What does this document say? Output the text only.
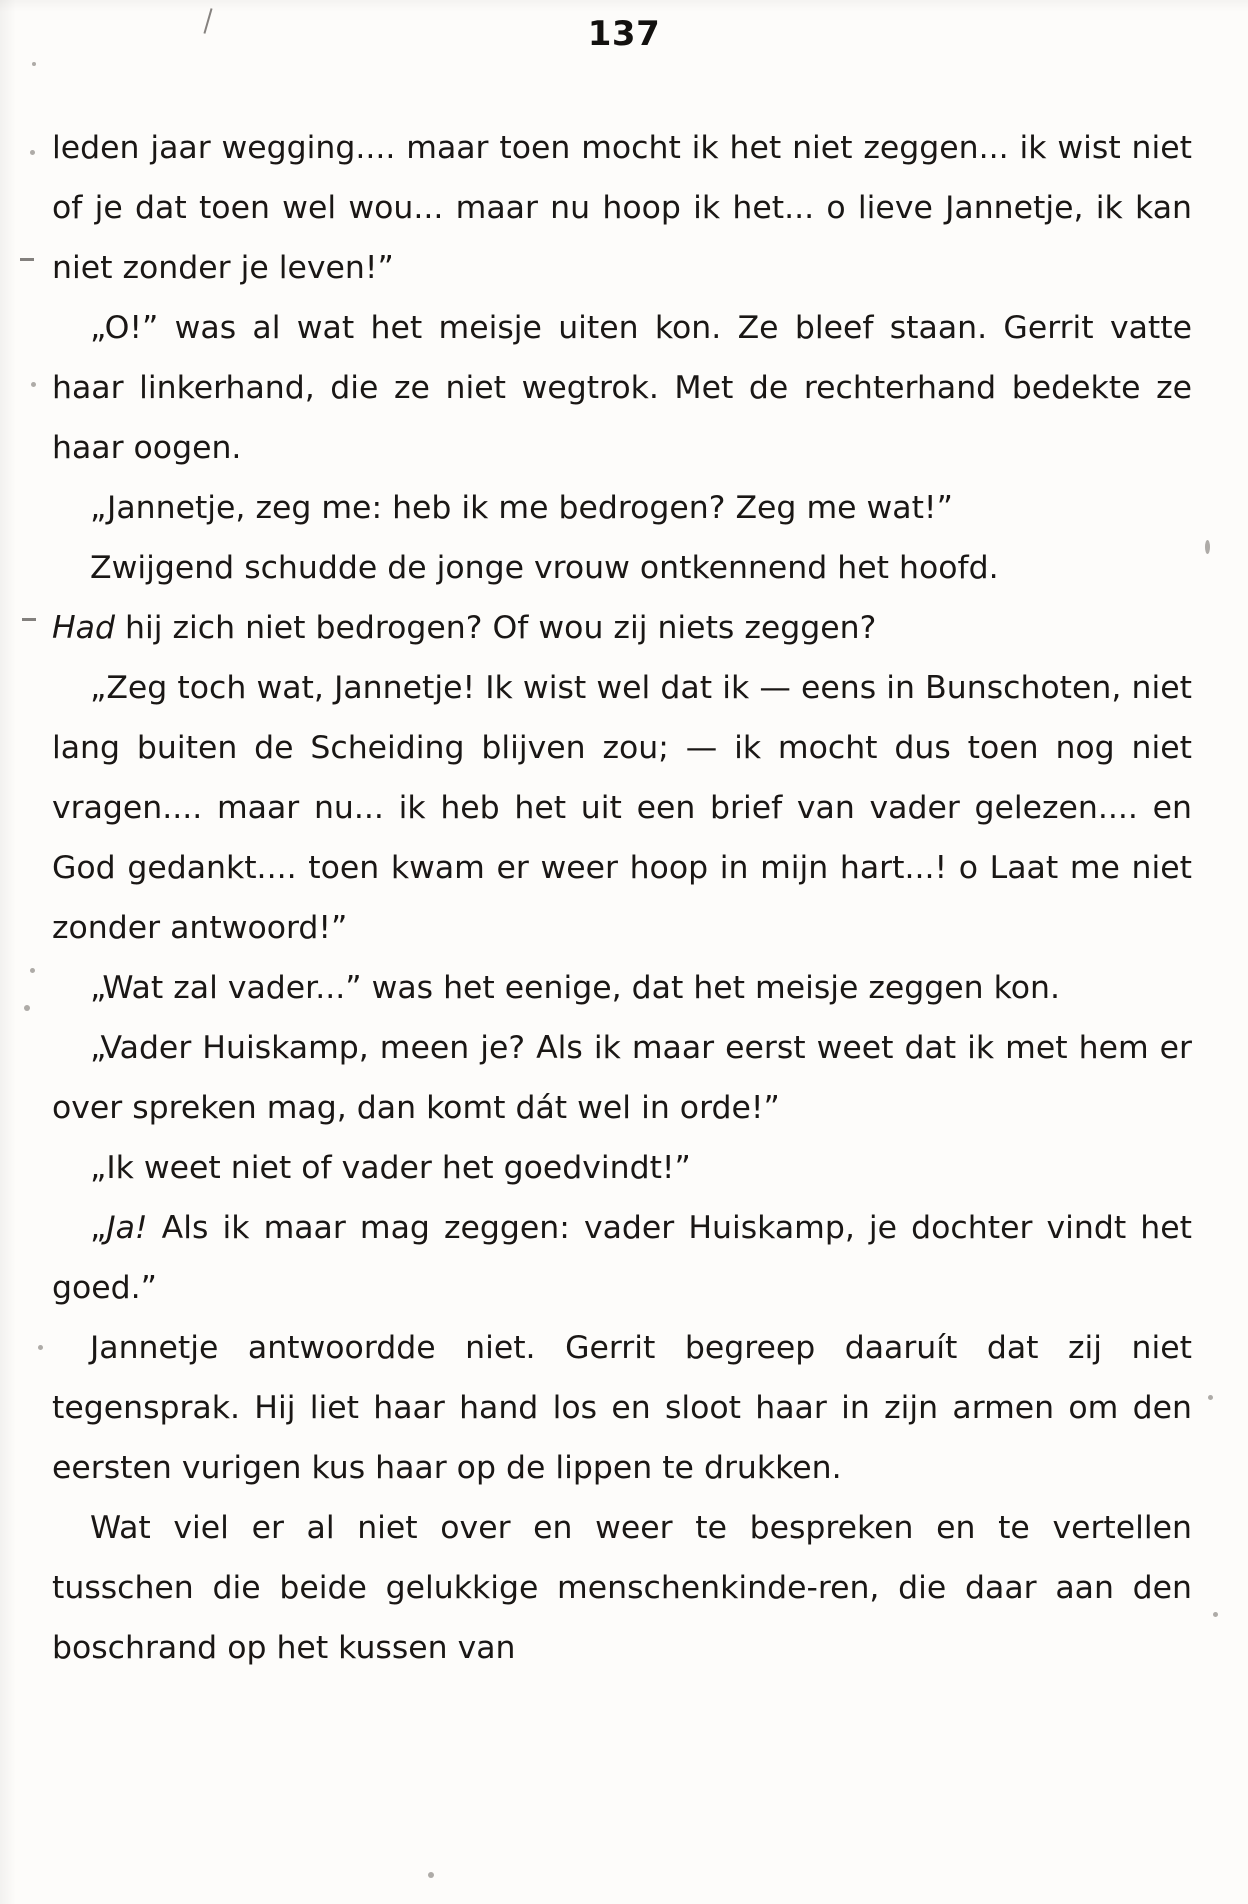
137

leden jaar wegging.... maar toen mocht ik het niet zeggen... ik wist niet of je dat toen wel wou... maar nu hoop ik het... o lieve Jannetje, ik kan niet zonder je leven!”

„O!” was al wat het meisje uiten kon. Ze bleef staan. Gerrit vatte haar linkerhand, die ze niet wegtrok. Met de rechterhand bedekte ze haar oogen.

„Jannetje, zeg me: heb ik me bedrogen? Zeg me wat!”

Zwijgend schudde de jonge vrouw ontkennend het hoofd.

Had hij zich niet bedrogen? Of wou zij niets zeggen?

„Zeg toch wat, Jannetje! Ik wist wel dat ik — eens in Bunschoten, niet lang buiten de Scheiding blijven zou; — ik mocht dus toen nog niet vragen.... maar nu... ik heb het uit een brief van vader gelezen.... en God gedankt.... toen kwam er weer hoop in mijn hart...! o Laat me niet zonder antwoord!”

„Wat zal vader...” was het eenige, dat het meisje zeggen kon.

„Vader Huiskamp, meen je? Als ik maar eerst weet dat ik met hem er over spreken mag, dan komt dát wel in orde!”

„Ik weet niet of vader het goedvindt!”

„Ja! Als ik maar mag zeggen: vader Huiskamp, je dochter vindt het goed.”

Jannetje antwoordde niet. Gerrit begreep daaruít dat zij niet tegensprak. Hij liet haar hand los en sloot haar in zijn armen om den eersten vurigen kus haar op de lippen te drukken.

Wat viel er al niet over en weer te bespreken en te vertellen tusschen die beide gelukkige menschenkinde-ren, die daar aan den boschrand op het kussen van
